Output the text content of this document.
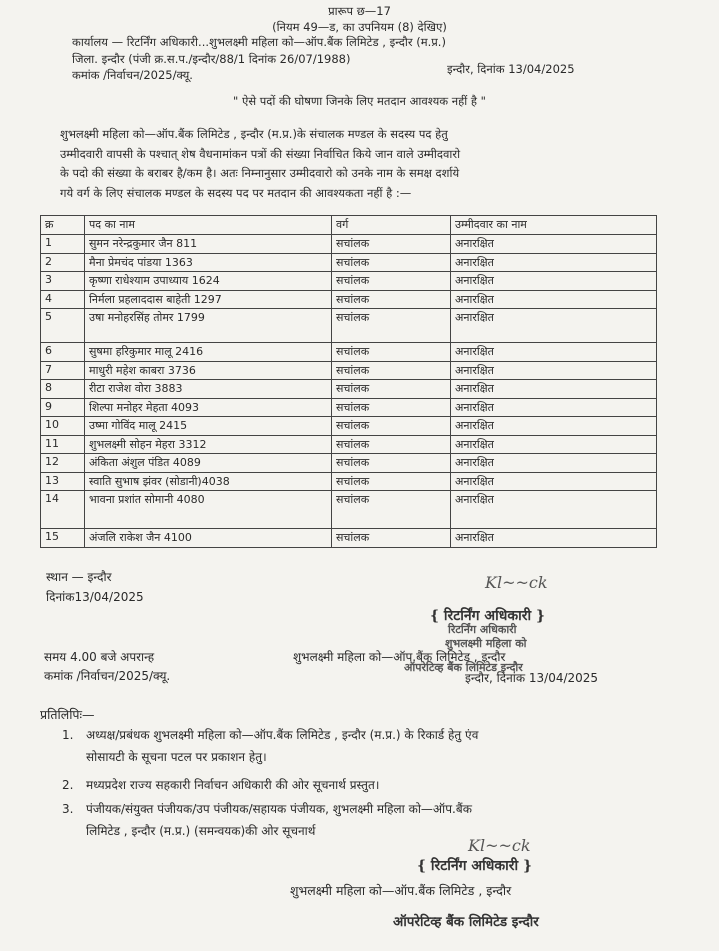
प्रारूप छ—17
(नियम 49—ड, का उपनियम (8) देखिए)
कार्यालय — रिटर्निंग अधिकारी...शुभलक्ष्मी महिला को—ऑप.बैंक लिमिटेड , इन्दौर (म.प्र.)
जिला. इन्दौर (पंजी क्र.स.प./इन्दौर/88/1 दिनांक 26/07/1988)
कमांक /निर्वाचन/2025/क्यू.	इन्दौर, दिनांक 13/04/2025
" ऐसे पदों की घोषणा जिनके लिए मतदान आवश्यक नहीं है "
शुभलक्ष्मी महिला को—ऑप.बैंक लिमिटेड , इन्दौर (म.प्र.)के संचालक मण्डल के सदस्य पद हेतु
उम्मीदवारी वापसी के पश्चात् शेष वैधनामांकन पत्रों की संख्या निर्वाचित किये जान वाले उम्मीदवारो
के पदो की संख्या के बराबर है/कम है। अतः निम्नानुसार उम्मीदवारो को उनके नाम के समक्ष दर्शाये
गये वर्ग के लिए संचालक मण्डल के सदस्य पद पर मतदान की आवश्यकता नहीं है :—
क्र	पद का नाम	वर्ग	उम्मीदवार का नाम
1	सुमन नरेन्द्रकुमार जैन 811	सचांलक	अनारक्षित
2	मैना प्रेमचंद पांडया 1363	सचांलक	अनारक्षित
3	कृष्णा राधेश्याम उपाध्याय 1624	सचांलक	अनारक्षित
4	निर्मला प्रहलाददास बाहेती 1297	सचांलक	अनारक्षित
5	उषा मनोहरसिंह तोमर 1799	सचांलक	अनारक्षित
6	सुषमा हरिकुमार मालू 2416	सचांलक	अनारक्षित
7	माधुरी महेश काबरा 3736	सचांलक	अनारक्षित
8	रीटा राजेश वोरा 3883	सचांलक	अनारक्षित
9	शिल्पा मनोहर मेहता 4093	सचांलक	अनारक्षित
10	उष्मा गोविंद मालू 2415	सचांलक	अनारक्षित
11	शुभलक्ष्मी सोहन मेहरा 3312	सचांलक	अनारक्षित
12	अंकिता अंशुल पंडित 4089	सचांलक	अनारक्षित
13	स्वाति सुभाष झंवर (सोडानी)4038	सचांलक	अनारक्षित
14	भावना प्रशांत सोमानी 4080	सचांलक	अनारक्षित
15	अंजलि राकेश जैन 4100	सचांलक	अनारक्षित
स्थान — इन्दौर
दिनांक13/04/2025
Kl~~ck
{ रिटर्निंग अधिकारी }
रिटर्निंग अधिकारी
शुभलक्ष्मी महिला को
ऑपरेटिव्ह बैंक लिमिटेड इन्दौर
समय 4.00 बजे अपरान्ह
कमांक /निर्वाचन/2025/क्यू.
शुभलक्ष्मी महिला को—ऑप.बैंक लिमिटेड , इन्दौर
इन्दौर, दिनांक 13/04/2025
प्रतिलिपिः—
1. अध्यक्ष/प्रबंधक शुभलक्ष्मी महिला को—ऑप.बैंक लिमिटेड , इन्दौर (म.प्र.) के रिकार्ड हेतु एंव
सोसायटी के सूचना पटल पर प्रकाशन हेतु।
2. मध्यप्रदेश राज्य सहकारी निर्वाचन अधिकारी की ओर सूचनार्थ प्रस्तुत।
3. पंजीयक/संयुक्त पंजीयक/उप पंजीयक/सहायक पंजीयक, शुभलक्ष्मी महिला को—ऑप.बैंक
लिमिटेड , इन्दौर (म.प्र.) (समन्वयक)की ओर सूचनार्थ
Kl~~ck
{ रिटर्निंग अधिकारी }
शुभलक्ष्मी महिला को—ऑप.बैंक लिमिटेड , इन्दौर
ऑपरेटिव्ह बैंक लिमिटेड इन्दौर
